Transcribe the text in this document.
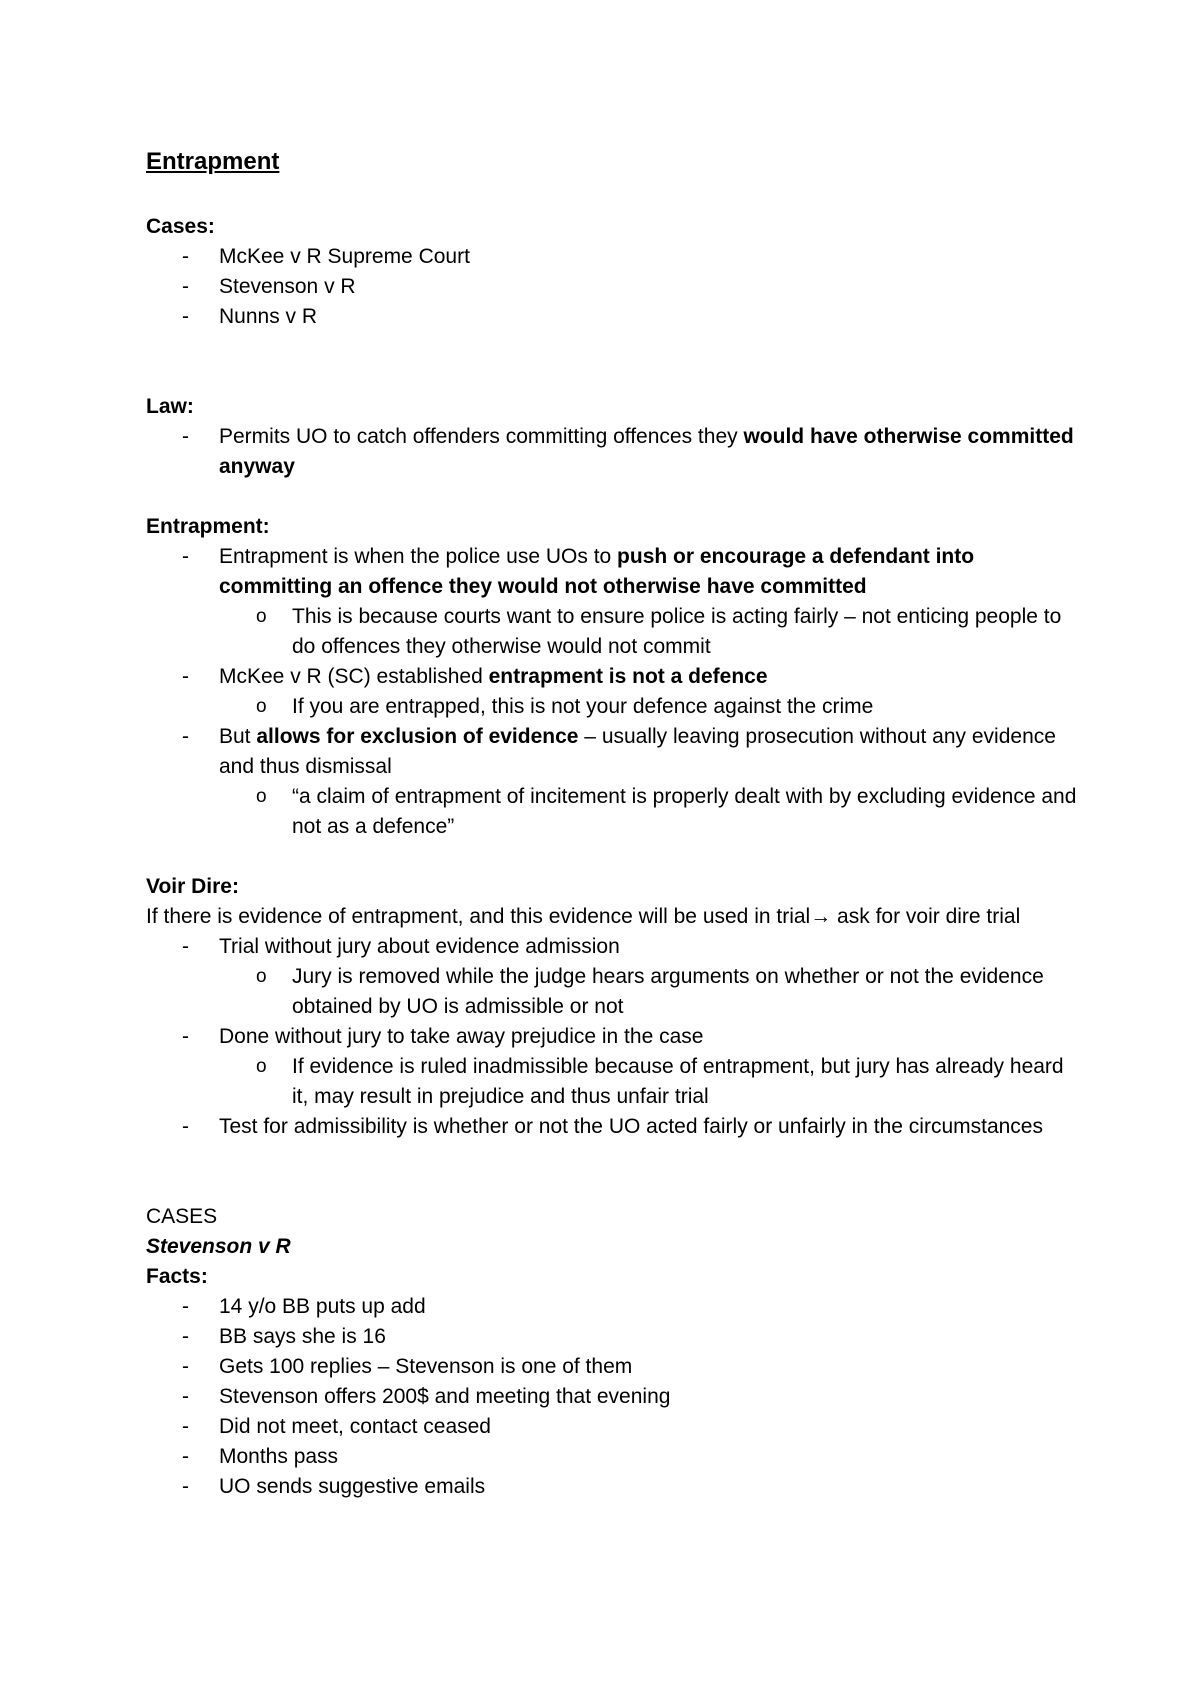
Entrapment
Cases:
- McKee v R Supreme Court
- Stevenson v R
- Nunns v R
Law:
- Permits UO to catch offenders committing offences they would have otherwise committed anyway
Entrapment:
- Entrapment is when the police use UOs to push or encourage a defendant into committing an offence they would not otherwise have committed
o This is because courts want to ensure police is acting fairly – not enticing people to do offences they otherwise would not commit
- McKee v R (SC) established entrapment is not a defence
o If you are entrapped, this is not your defence against the crime
- But allows for exclusion of evidence – usually leaving prosecution without any evidence and thus dismissal
o “a claim of entrapment of incitement is properly dealt with by excluding evidence and not as a defence”
Voir Dire:
If there is evidence of entrapment, and this evidence will be used in trial→ ask for voir dire trial
- Trial without jury about evidence admission
o Jury is removed while the judge hears arguments on whether or not the evidence obtained by UO is admissible or not
- Done without jury to take away prejudice in the case
o If evidence is ruled inadmissible because of entrapment, but jury has already heard it, may result in prejudice and thus unfair trial
- Test for admissibility is whether or not the UO acted fairly or unfairly in the circumstances
CASES
Stevenson v R
Facts:
- 14 y/o BB puts up add
- BB says she is 16
- Gets 100 replies – Stevenson is one of them
- Stevenson offers 200$ and meeting that evening
- Did not meet, contact ceased
- Months pass
- UO sends suggestive emails
